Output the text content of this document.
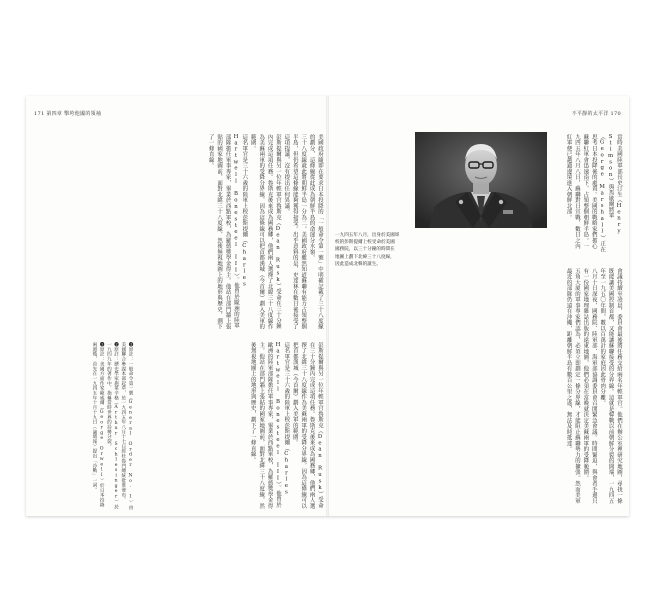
171 第四章 擊垮他國的領袖

美國政府隨即在要求日本投降的「一般命令第一號」中明確記載了三十八度線的劃分，這條線從此成為朝鮮半島的命運分水嶺。

三十八度線就此將朝鮮半島一分為二。美國政府雖然知道蘇聯有能力占領整個半島，但仍希望這條線能夠獲得接受。出乎意料的是，史達林在數日後接受了這項提議，沒有提出任何異議。

彭斯提爾與另一位年輕軍官魯斯克（Dean Rusk）受命在三十分鐘內完成這項任務。魯斯克後來成為國務卿，他們兩人選擇了北緯三十八度線作為美蘇兩軍的受降分界線，因為這條線可以把首都漢城（今首爾）劃入美軍的範圍。

這名軍官是三十六歲的陸軍上校彭斯提爾（Charles Hartwell Bonesteel III）。他曾於歐洲的陸軍部隊擔任軍事專家，畢業於西點軍校，為羅德獎學金得主。他站在部門牆上張貼的國家地圖前，面對北緯三十八度線，然後無視地圖上的地形與歷史，劃下了一條直線。

❸原註：一般命令第一號（General Order No. 1）由美國聯合參謀本部起草，於一九四五年八月十七日經杜魯門總統批准發布。

❷原註：歷史學家施萊辛格（Arthur Schlesinger）於一九四九年的著作中，指稱當時世界的局勢分裂。

❶原註：美國方面作家歐威爾（George Orwell）於日本投降兩週後，首先在一九四五年十月十九日（論壇報）提出「冷戰」一詞。	彭斯提爾與另一位年輕軍官魯斯克（Dean Rusk）受命在三十分鐘內完成這項任務。魯斯克後來成為國務卿，他們兩人選擇了北緯三十八度線作為美蘇兩軍的受降分界線，因為這條線可以把首都漢城（今首爾）劃入美軍的範圍。

這名軍官是三十六歲的陸軍上校彭斯提爾（Charles Hartwell Bonesteel III）。他曾於歐洲的陸軍部隊擔任軍事專家，畢業於西點軍校，為羅德獎學金得主。他站在部門牆上張貼的國家地圖前，面對北緯三十八度線，然後無視地圖上的地形與歷史，劃下了一條直線。

不平靜的太平洋 170
一九四五年八月，出身於美國軍
校的彭斯提爾上校受命於美國
國務院，以三十分鐘的時間在
地圖上劃下北緯三十八度線，
因此造成北韓的誕生。

當時美國陸軍部長史汀生（Henry Stimson）與馬歇爾將軍（George Marshall）正在思考日本投降後的處置。美國的戰略家們擔心蘇聯紅軍會迅速南下，占領整個朝鮮半島。一九四五年八月八日，蘇聯對日宣戰，數日之內紅軍便已越過邊境進入朝鮮北部。

會議持續至凌晨，委員會最後將任務交給兩名年輕軍官。他們在辦公室裡研究地圖，尋找一條既能讓美國控制首都，又能讓蘇聯接受的分界線。這就是韓戰以前朝鮮分裂的開端，一九四五年至一九五〇年間，數以百萬計的家庭因此骨肉分離。

八月十日深夜，國務院、陸軍部、海軍部協調委員會召開緊急會議。時間緊迫，與會者手邊只有一份國家地理雜誌出版的遠東地圖，他們必須在當晚就決定美蘇兩軍的受降範圍。

五角大廈的軍事專家們認為，必須立即劃定一條分界線，才能阻止蘇聯勢力的擴張。然而美軍最近的部隊仍遠在沖繩，距離朝鮮半島有數百公里之遙，無法及時抵達。
